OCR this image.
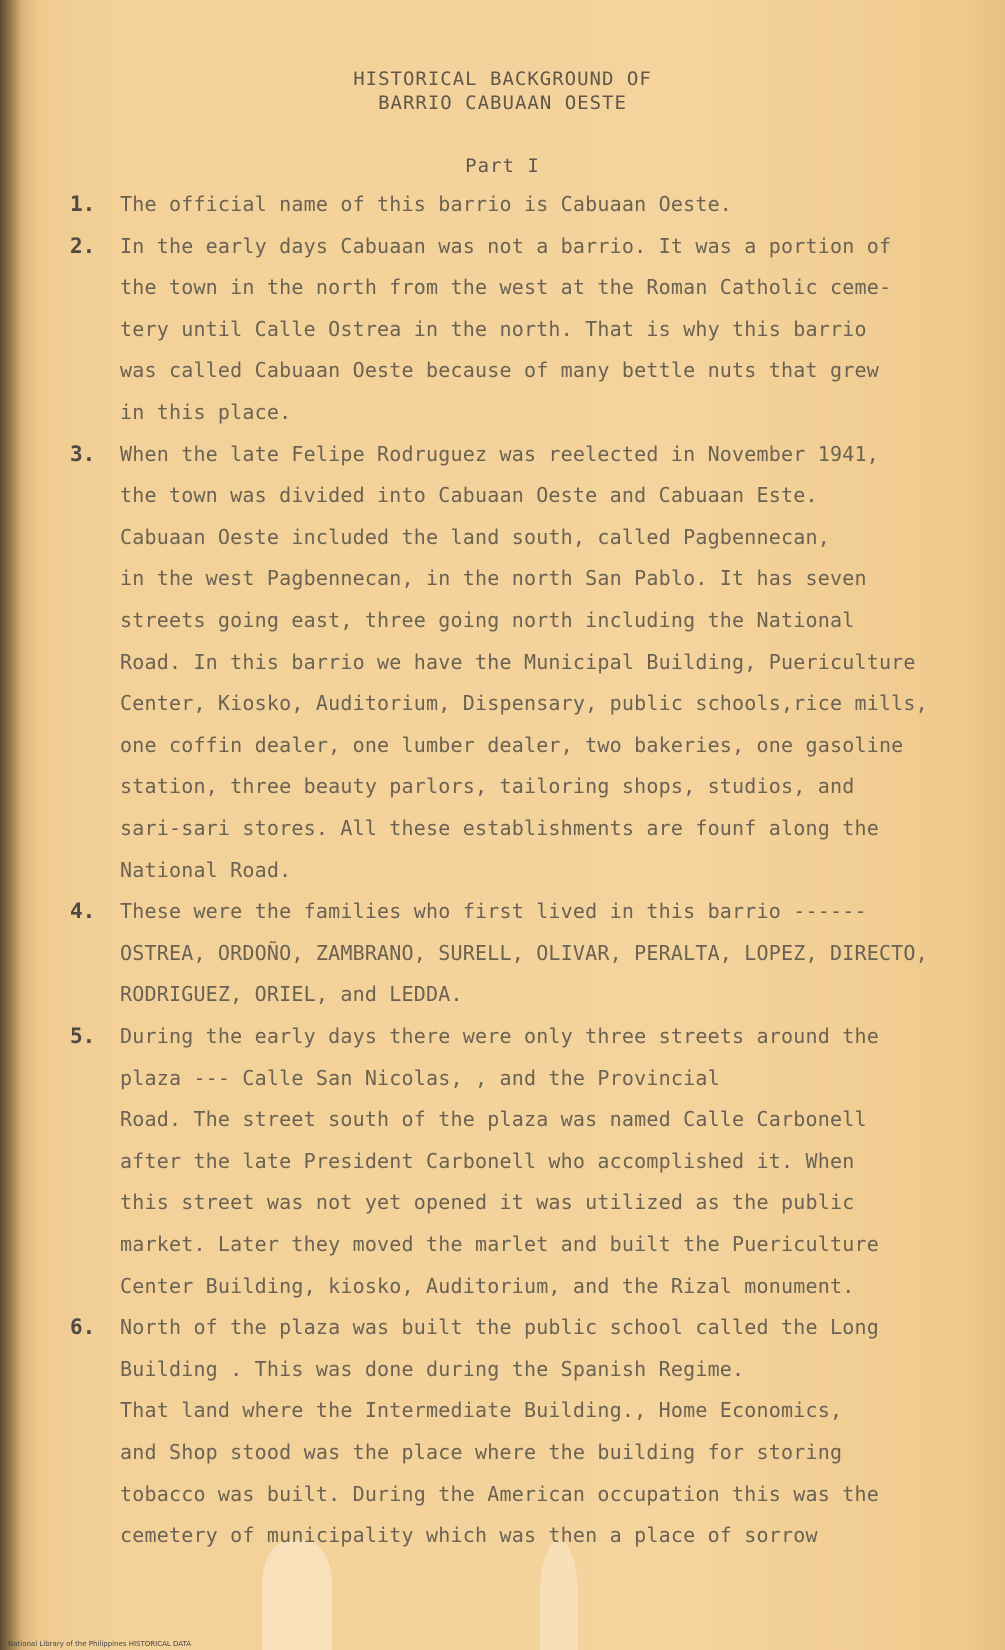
HISTORICAL BACKGROUND OF
BARRIO CABUAAN OESTE
Part I
1. The official name of this barrio is Cabuaan Oeste.
2. In the early days Cabuaan was not a barrio. It was a portion of
the town in the north from the west at the Roman Catholic ceme-
tery until Calle Ostrea in the north. That is why this barrio
was called Cabuaan Oeste because of many bettle nuts that grew
in this place.
3. When the late Felipe Rodruguez was reelected in November 1941,
the town was divided into Cabuaan Oeste and Cabuaan Este.
Cabuaan Oeste included the land south, called Pagbennecan,
in the west Pagbennecan, in the north San Pablo. It has seven
streets going east, three going north including the National
Road. In this barrio we have the Municipal Building, Puericulture
Center, Kiosko, Auditorium, Dispensary, public schools,rice mills,
one coffin dealer, one lumber dealer, two bakeries, one gasoline
station, three beauty parlors, tailoring shops, studios, and
sari-sari stores. All these establishments are founf along the
National Road.
4. These were the families who first lived in this barrio ------
OSTREA, ORDOÑO, ZAMBRANO, SURELL, OLIVAR, PERALTA, LOPEZ, DIRECTO,
RODRIGUEZ, ORIEL, and LEDDA.
5. During the early days there were only three streets around the
plaza --- Calle San Nicolas, , and the Provincial
Road. The street south of the plaza was named Calle Carbonell
after the late President Carbonell who accomplished it. When
this street was not yet opened it was utilized as the public
market. Later they moved the marlet and built the Puericulture
Center Building, kiosko, Auditorium, and the Rizal monument.
6. North of the plaza was built the public school called the Long
Building . This was done during the Spanish Regime.
That land where the Intermediate Building., Home Economics,
and Shop stood was the place where the building for storing
tobacco was built. During the American occupation this was the
cemetery of municipality which was then a place of sorrow
National Library of the Philippines HISTORICAL DATA
